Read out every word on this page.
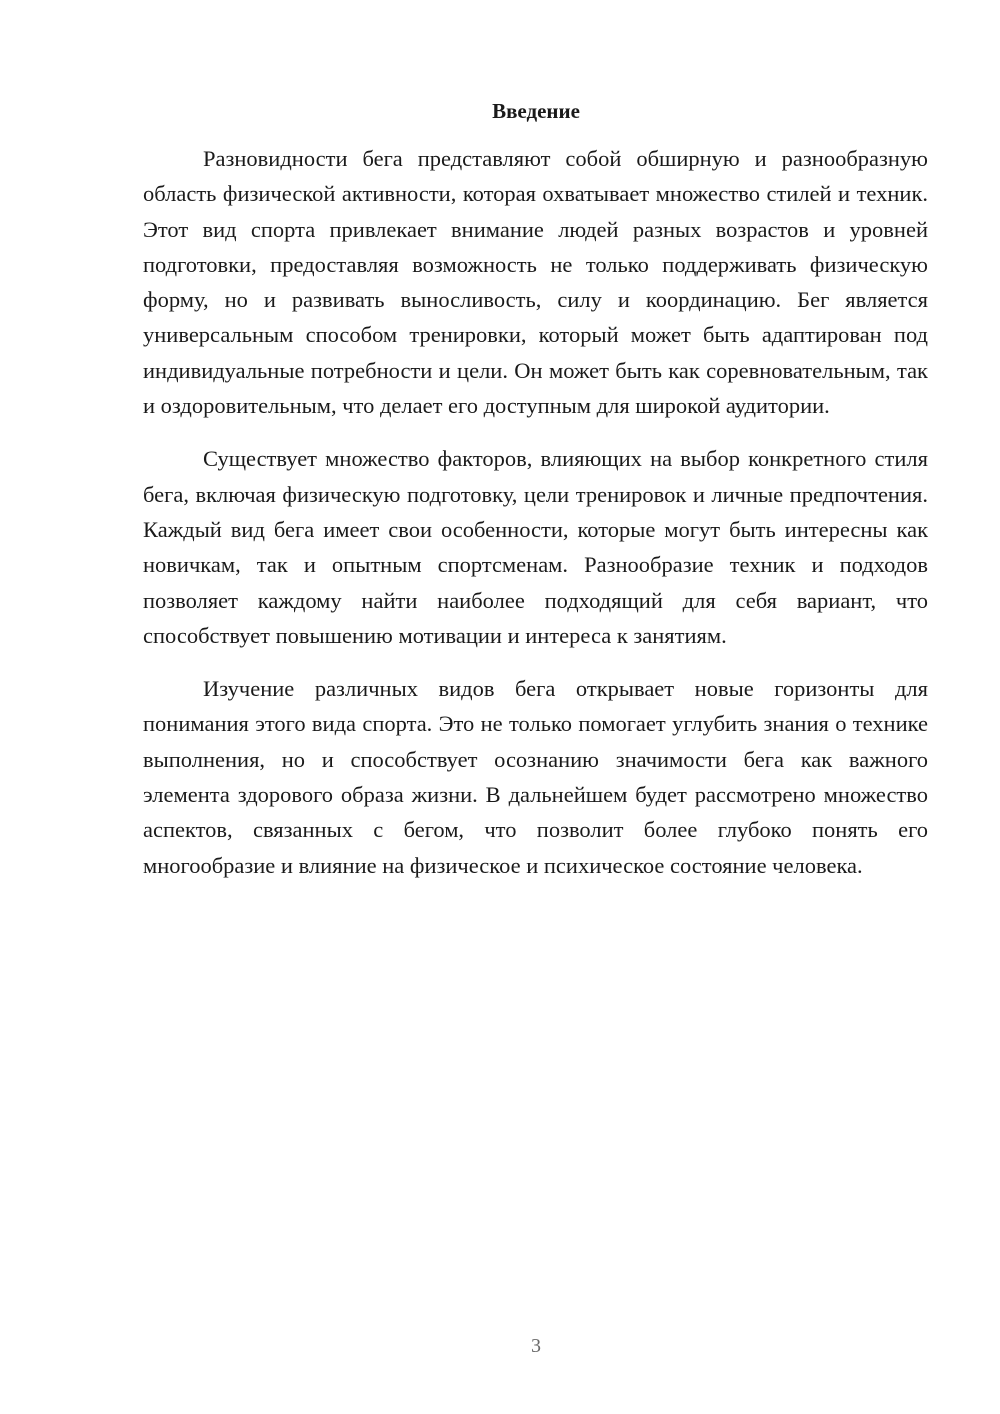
Введение

Разновидности бега представляют собой обширную и разнообразную область физической активности, которая охватывает множество стилей и техник. Этот вид спорта привлекает внимание людей разных возрастов и уровней подготовки, предоставляя возможность не только поддерживать физическую форму, но и развивать выносливость, силу и координацию. Бег является универсальным способом тренировки, который может быть адаптирован под индивидуальные потребности и цели. Он может быть как соревновательным, так и оздоровительным, что делает его доступным для широкой аудитории.

Существует множество факторов, влияющих на выбор конкретного стиля бега, включая физическую подготовку, цели тренировок и личные предпочтения. Каждый вид бега имеет свои особенности, которые могут быть интересны как новичкам, так и опытным спортсменам. Разнообразие техник и подходов позволяет каждому найти наиболее подходящий для себя вариант, что способствует повышению мотивации и интереса к занятиям.

Изучение различных видов бега открывает новые горизонты для понимания этого вида спорта. Это не только помогает углубить знания о технике выполнения, но и способствует осознанию значимости бега как важного элемента здорового образа жизни. В дальнейшем будет рассмотрено множество аспектов, связанных с бегом, что позволит более глубоко понять его многообразие и влияние на физическое и психическое состояние человека.

3
